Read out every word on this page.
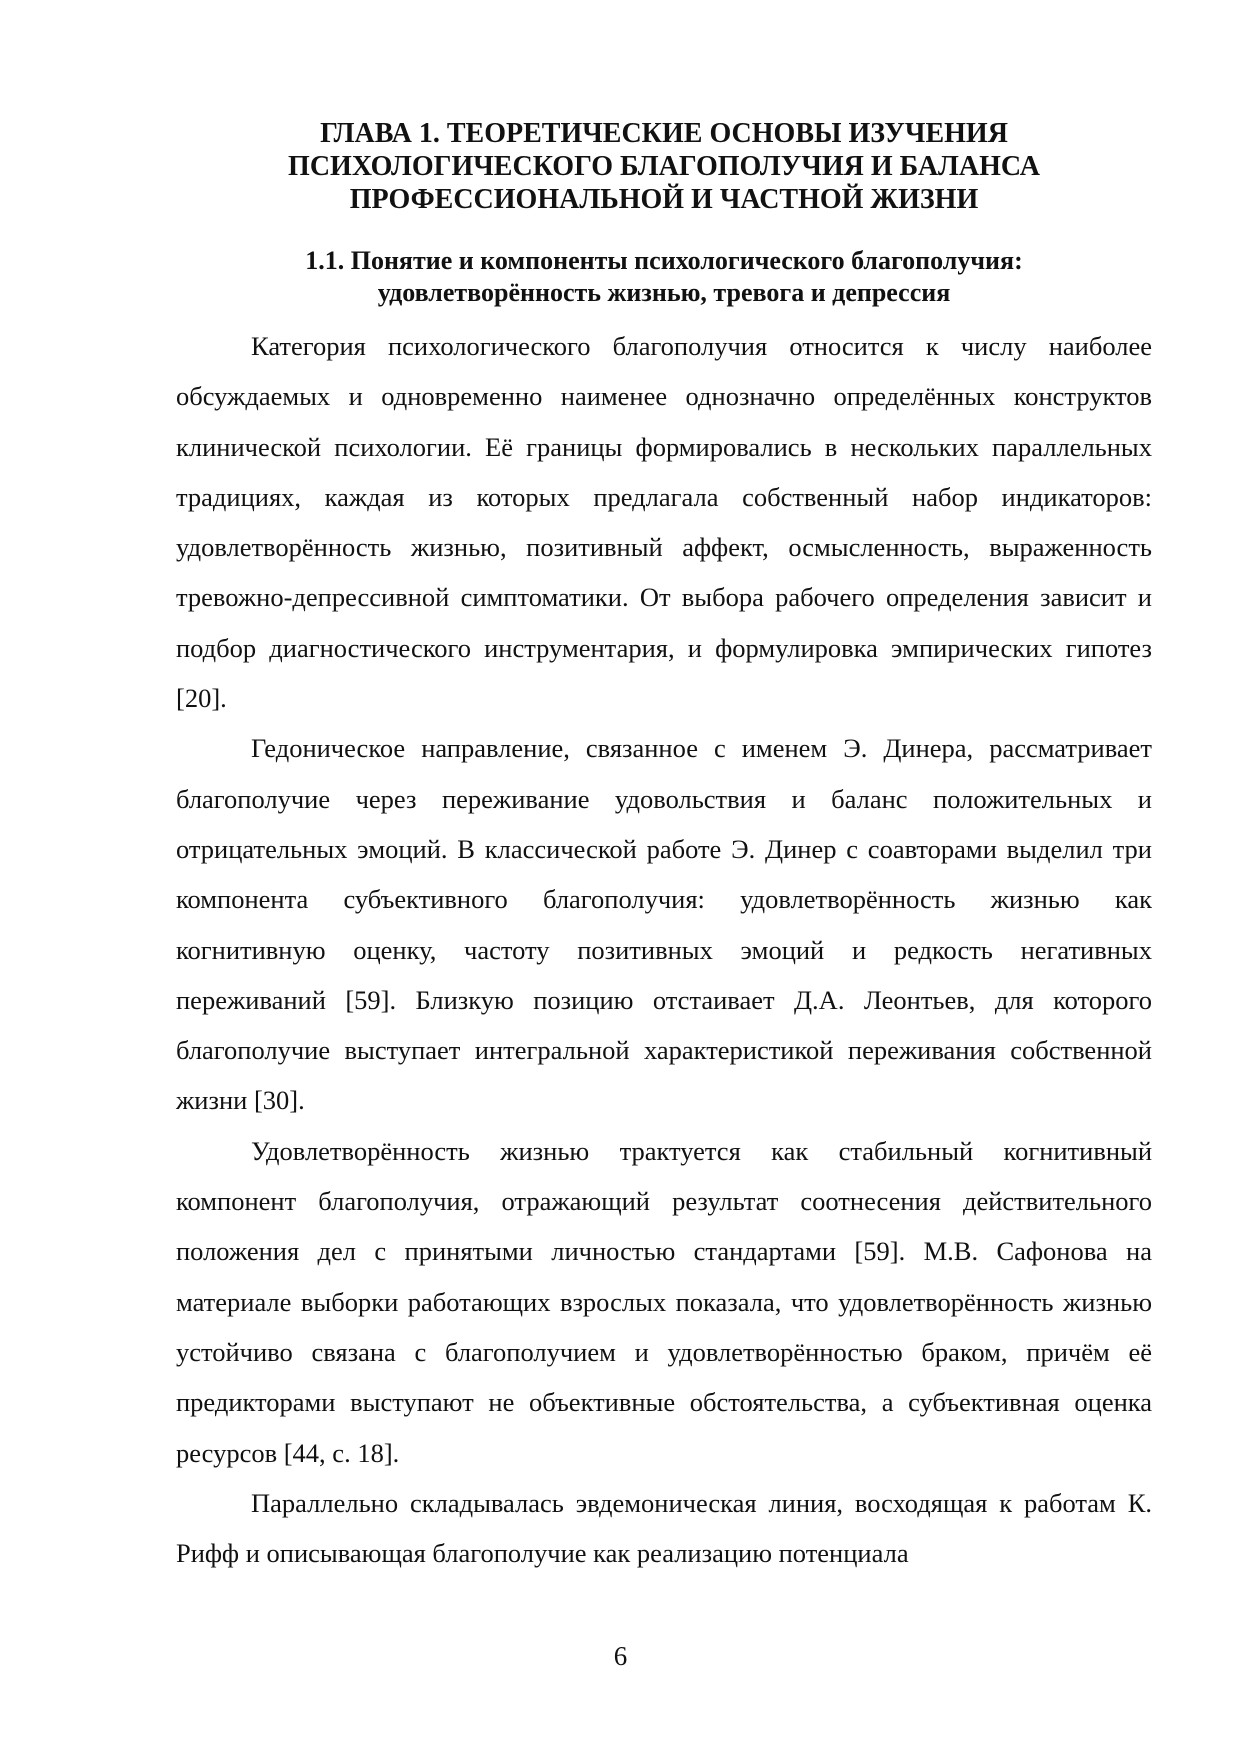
ГЛАВА 1. ТЕОРЕТИЧЕСКИЕ ОСНОВЫ ИЗУЧЕНИЯ
ПСИХОЛОГИЧЕСКОГО БЛАГОПОЛУЧИЯ И БАЛАНСА
ПРОФЕССИОНАЛЬНОЙ И ЧАСТНОЙ ЖИЗНИ
1.1. Понятие и компоненты психологического благополучия:
удовлетворённость жизнью, тревога и депрессия

Категория психологического благополучия относится к числу наиболее обсуждаемых и одновременно наименее однозначно определённых конструктов клинической психологии. Её границы формировались в нескольких параллельных традициях, каждая из которых предлагала собственный набор индикаторов: удовлетворённость жизнью, позитивный аффект, осмысленность, выраженность тревожно-депрессивной симптоматики. От выбора рабочего определения зависит и подбор диагностического инструментария, и формулировка эмпирических гипотез [20].

Гедоническое направление, связанное с именем Э. Динера, рассматривает благополучие через переживание удовольствия и баланс положительных и отрицательных эмоций. В классической работе Э. Динер с соавторами выделил три компонента субъективного благополучия: удовлетворённость жизнью как когнитивную оценку, частоту позитивных эмоций и редкость негативных переживаний [59]. Близкую позицию отстаивает Д.А. Леонтьев, для которого благополучие выступает интегральной характеристикой переживания собственной жизни [30].

Удовлетворённость жизнью трактуется как стабильный когнитивный компонент благополучия, отражающий результат соотнесения действительного положения дел с принятыми личностью стандартами [59]. М.В. Сафонова на материале выборки работающих взрослых показала, что удовлетворённость жизнью устойчиво связана с благополучием и удовлетворённостью браком, причём её предикторами выступают не объективные обстоятельства, а субъективная оценка ресурсов [44, с. 18].

Параллельно складывалась эвдемоническая линия, восходящая к работам К. Рифф и описывающая благополучие как реализацию потенциала

6
